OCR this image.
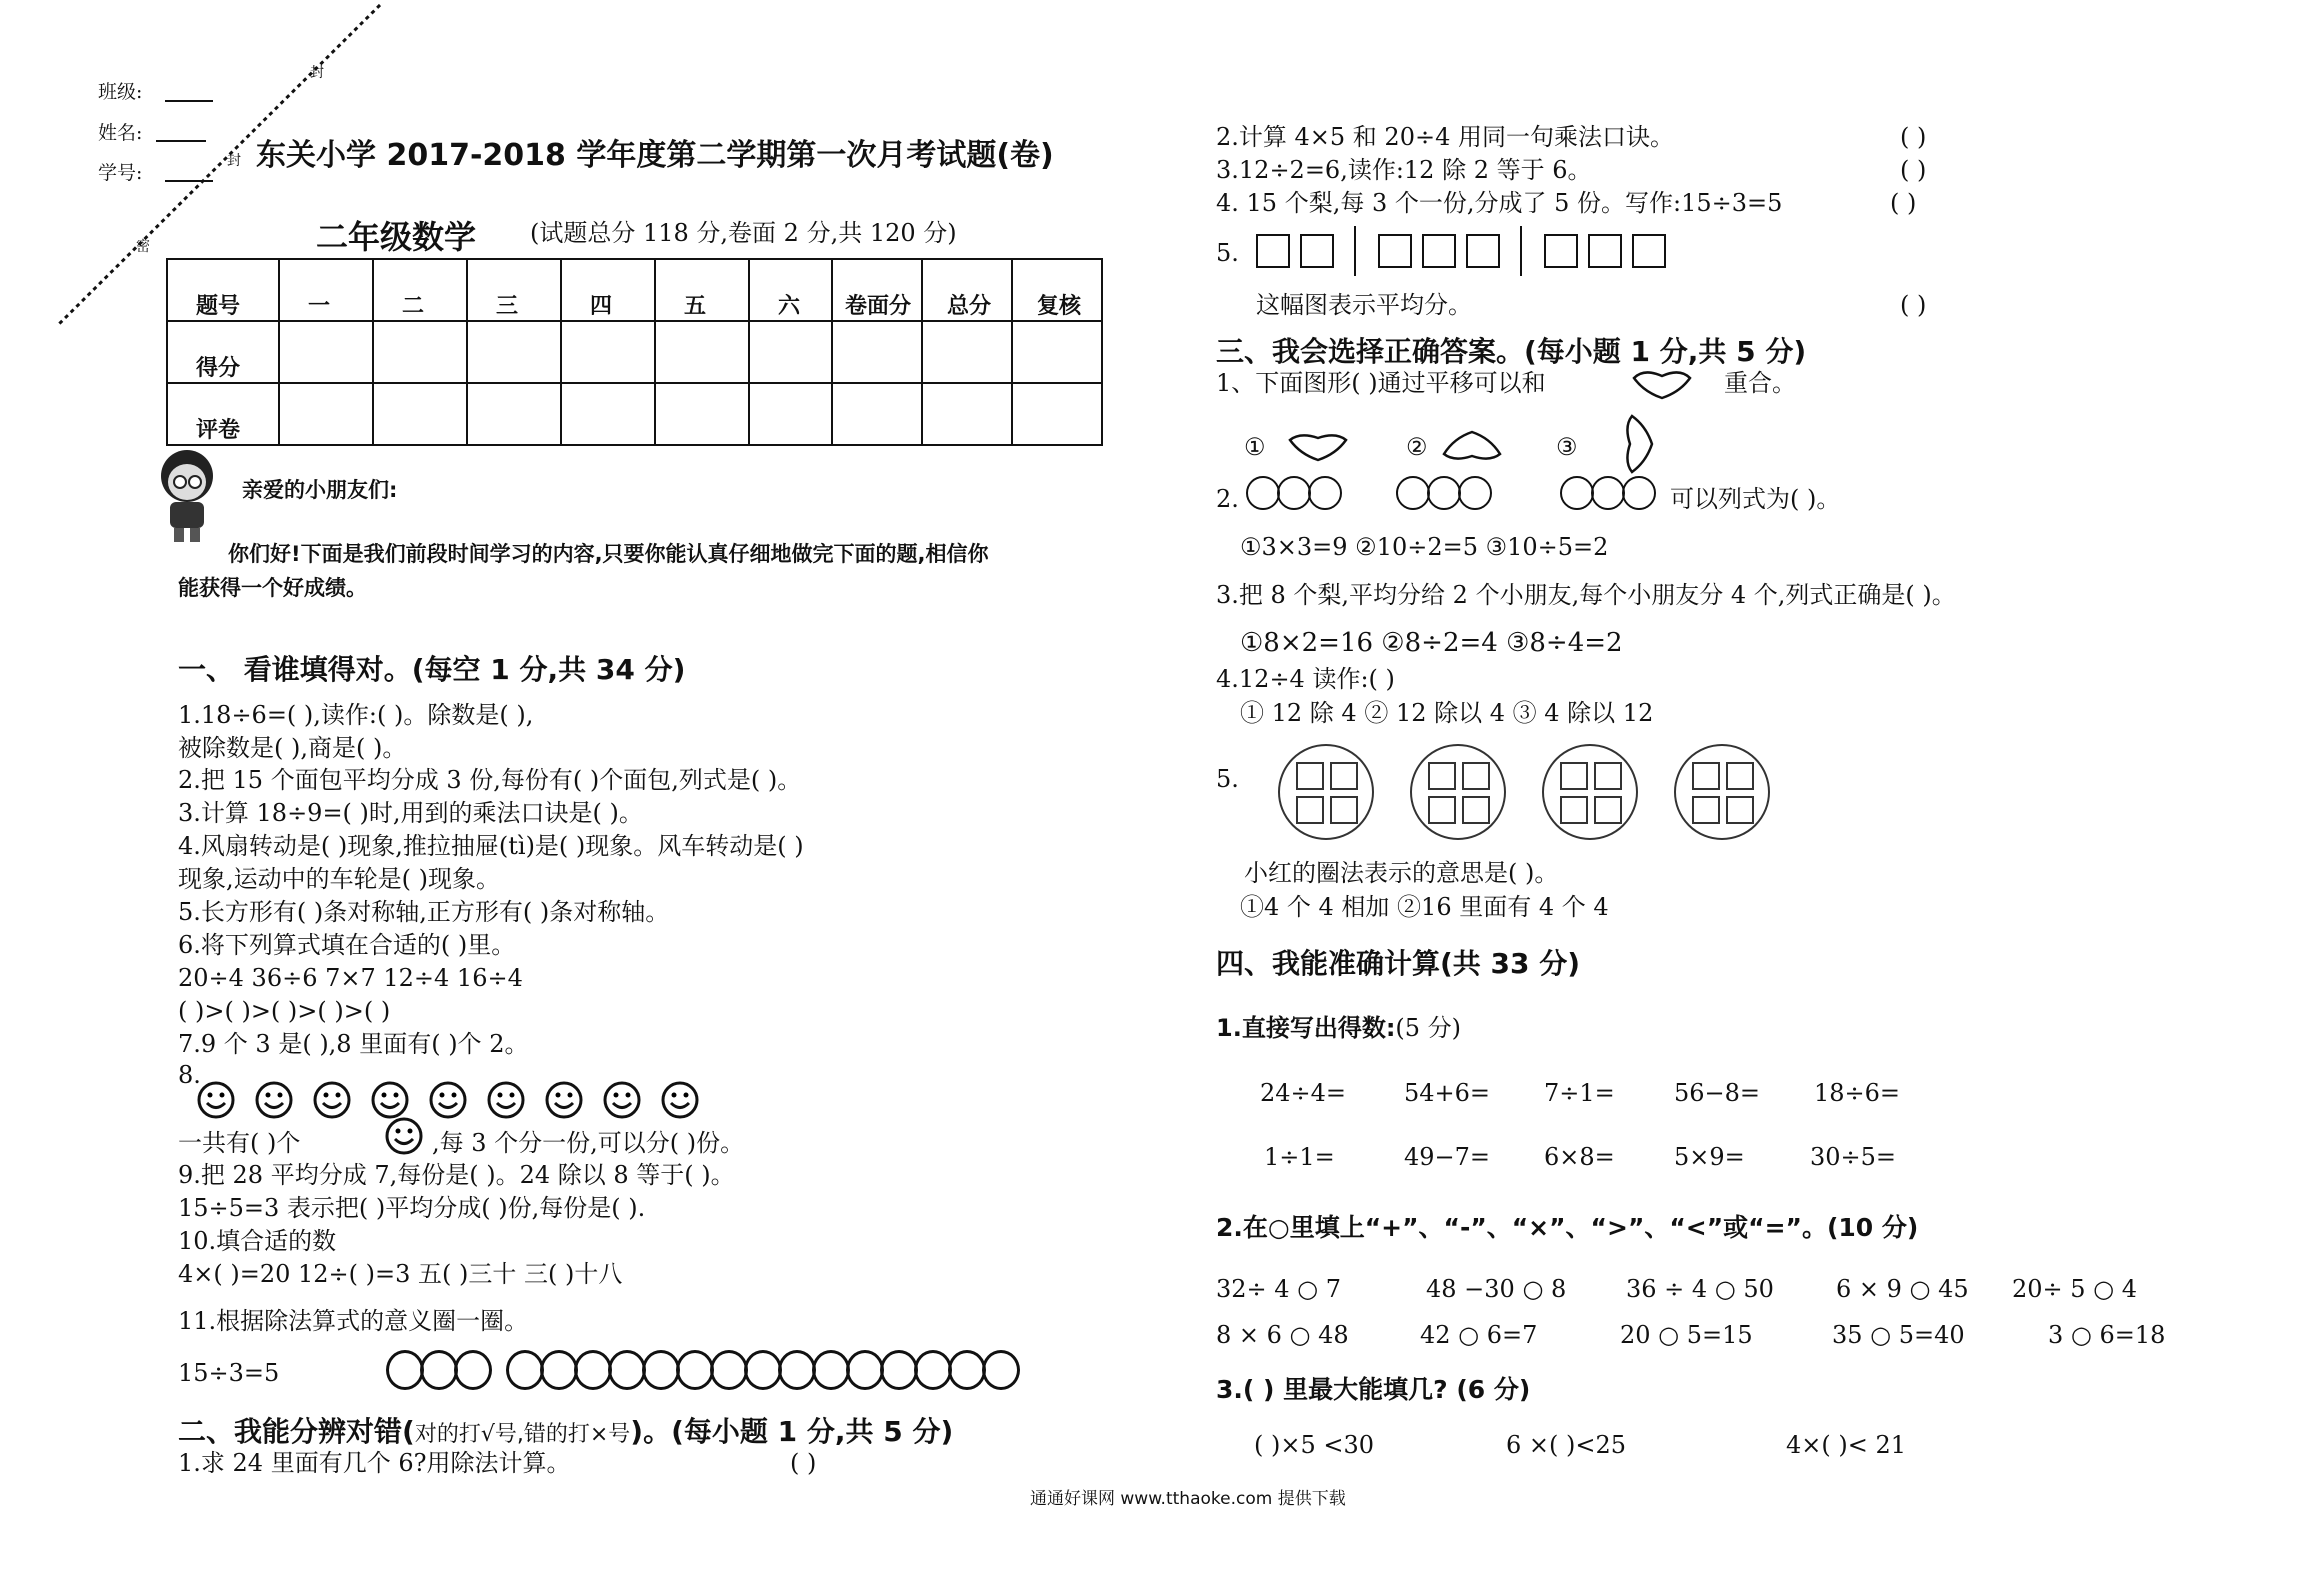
班级:
姓名:
学号:
封
封
密
东关小学 2017-2018 学年度第二学期第一次月考试题(卷)
二年级数学 (试题总分 118 分,卷面 2 分,共 120 分)
题号	一	二	三	四	五	六	卷面分	总分	复核
得分									
评卷									
亲爱的小朋友们:
你们好!下面是我们前段时间学习的内容,只要你能认真仔细地做完下面的题,相信你
能获得一个好成绩。
一、 看谁填得对。(每空 1 分,共 34 分)
1.18÷6=( ),读作:( )。除数是( ),
被除数是( ),商是( )。
2.把 15 个面包平均分成 3 份,每份有( )个面包,列式是( )。
3.计算 18÷9=( )时,用到的乘法口诀是( )。
4.风扇转动是( )现象,推拉抽屉(tì)是( )现象。风车转动是( )
现象,运动中的车轮是( )现象。
5.长方形有( )条对称轴,正方形有( )条对称轴。
6.将下列算式填在合适的( )里。
20÷4 36÷6 7×7 12÷4 16÷4
( )>( )>( )>( )>( )
7.9 个 3 是( ),8 里面有( )个 2。
8.
一共有( )个	,每 3 个分一份,可以分( )份。
9.把 28 平均分成 7,每份是( )。24 除以 8 等于( )。
15÷5=3 表示把( )平均分成( )份,每份是( ).
10.填合适的数
4×( )=20 12÷( )=3 五( )三十 三( )十八
11.根据除法算式的意义圈一圈。
15÷3=5
二、我能分辨对错(对的打√号,错的打×号)。(每小题 1 分,共 5 分)
1.求 24 里面有几个 6?用除法计算。	( )
2.计算 4×5 和 20÷4 用同一句乘法口诀。	( )
3.12÷2=6,读作:12 除 2 等于 6。	( )
4. 15 个梨,每 3 个一份,分成了 5 份。写作:15÷3=5	( )
5.
这幅图表示平均分。	( )
三、我会选择正确答案。(每小题 1 分,共 5 分)
1、下面图形( )通过平移可以和	重合。
①	②	③
2.	可以列式为( )。
①3×3=9 ②10÷2=5 ③10÷5=2
3.把 8 个梨,平均分给 2 个小朋友,每个小朋友分 4 个,列式正确是( )。
①8×2=16 ②8÷2=4 ③8÷4=2
4.12÷4 读作:( )
① 12 除 4 ② 12 除以 4 ③ 4 除以 12
5.
小红的圈法表示的意思是( )。
①4 个 4 相加 ②16 里面有 4 个 4
四、我能准确计算(共 33 分)
1.直接写出得数:(5 分)
24÷4= 54+6= 7÷1= 56−8= 18÷6=
1÷1=	49−7= 6×8= 5×9=	30÷5=
2.在○里填上“+”、“-”、“×”、“>”、“<”或“=”。(10 分)
32÷ 4 ○ 7	48 −30 ○ 8 36 ÷ 4 ○ 50	6 × 9 ○ 45 20÷ 5 ○ 4
8 × 6 ○ 48	42 ○ 6=7	20 ○ 5=15	35 ○ 5=40	3 ○ 6=18
3.( ) 里最大能填几? (6 分)
( )×5 <30	6 ×( )<25	4×( )< 21
通通好课网 www.tthaoke.com 提供下载
